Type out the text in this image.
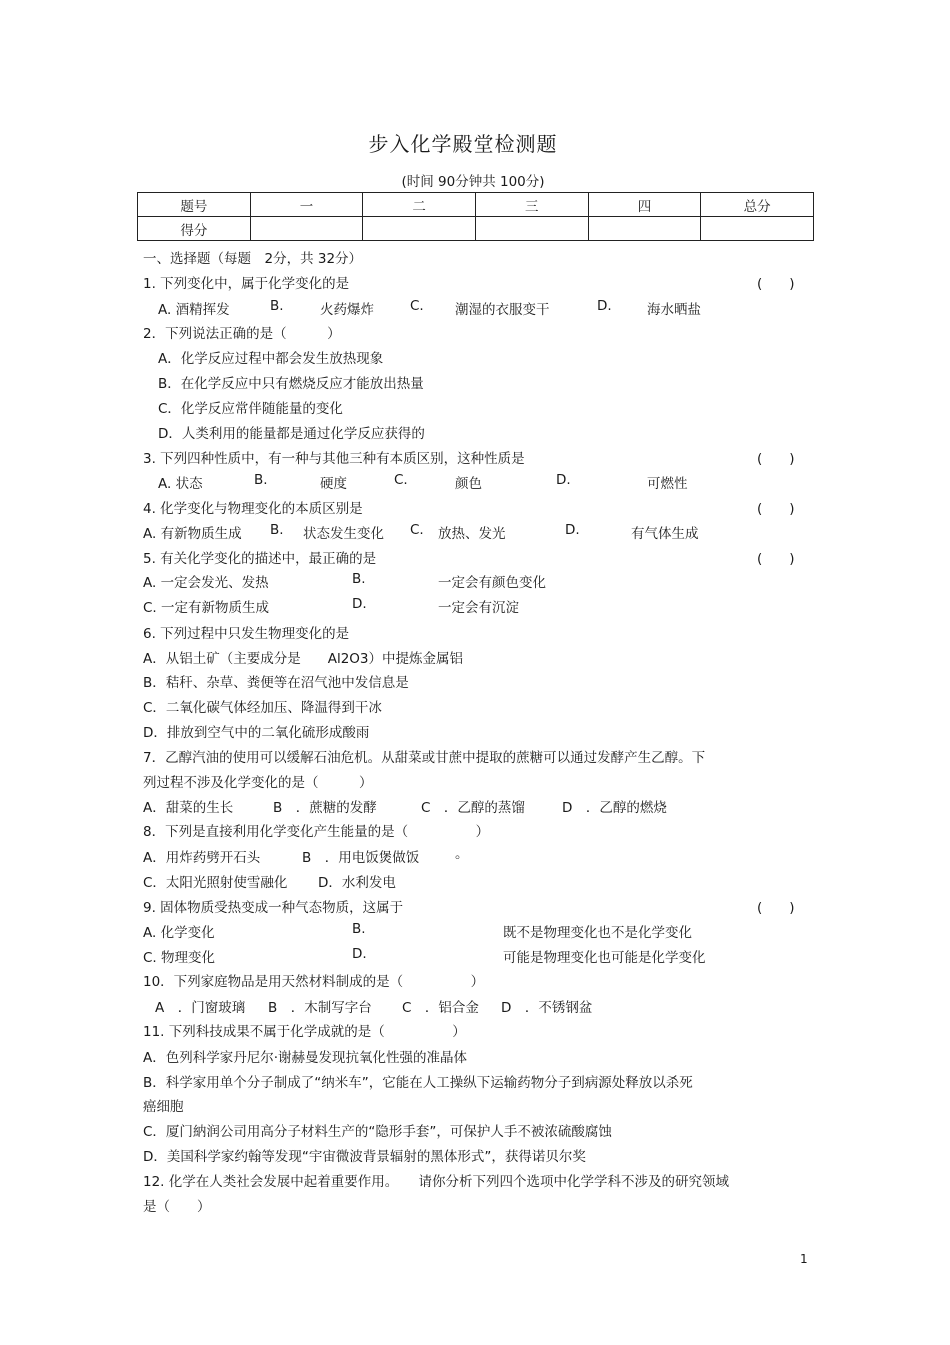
步入化学殿堂检测题
(时间 90分钟共 100分)
题号	一	二	三	四	总分
得分					
一、选择题（每题　2分，共 32分）
1. 下列变化中，属于化学变化的是	(　　)
A. 酒精挥发	B.	火药爆炸	C. 潮湿的衣服变干	D.	海水晒盐
2．下列说法正确的是（　　　）
A．化学反应过程中都会发生放热现象
B．在化学反应中只有燃烧反应才能放出热量
C．化学反应常伴随能量的变化
D．人类利用的能量都是通过化学反应获得的
3. 下列四种性质中，有一种与其他三种有本质区别，这种性质是	(　　)
A. 状态	B.	硬度	C.	颜色	D.	可燃性
4. 化学变化与物理变化的本质区别是	(　　)
A. 有新物质生成 B. 状态发生变化 C. 放热、发光	D.	有气体生成
5. 有关化学变化的描述中，最正确的是	(　　)
A. 一定会发光、发热	B.	一定会有颜色变化
C. 一定有新物质生成	D.	一定会有沉淀
6. 下列过程中只发生物理变化的是
A．从铝土矿（主要成分是　　Al2O3）中提炼金属铝
B．秸秆、杂草、粪便等在沼气池中发信息是
C．二氧化碳气体经加压、降温得到干冰
D．排放到空气中的二氧化硫形成酸雨
7．乙醇汽油的使用可以缓解石油危机。从甜菜或甘蔗中提取的蔗糖可以通过发酵产生乙醇。下
列过程不涉及化学变化的是（　　　）
A．甜菜的生长	B　．蔗糖的发酵	C　．乙醇的蒸馏	D　．乙醇的燃烧
8．下列是直接利用化学变化产生能量的是（　　　　　）
A．用炸药劈开石头	B　．用电饭煲做饭	。
C．太阳光照射使雪融化 D．水利发电
9. 固体物质受热变成一种气态物质，这属于	(　　)
A. 化学变化	B.	既不是物理变化也不是化学变化
C. 物理变化	D.	可能是物理变化也可能是化学变化
10．下列家庭物品是用天然材料制成的是（　　　　　）
A　．门窗玻璃 B　．木制写字台 C　．铝合金 D　．不锈钢盆
11. 下列科技成果不属于化学成就的是（　　　　　）
A．色列科学家丹尼尔·谢赫曼发现抗氧化性强的准晶体
B．科学家用单个分子制成了“纳米车”，它能在人工操纵下运输药物分子到病源处释放以杀死
癌细胞
C．厦门納润公司用高分子材料生产的“隐形手套”，可保护人手不被浓硫酸腐蚀
D．美国科学家约翰等发现“宇宙微波背景辐射的黑体形式”，获得诺贝尔奖
12. 化学在人类社会发展中起着重要作用。　　请你分析下列四个选项中化学学科不涉及的研究领域
是（　　）
1
